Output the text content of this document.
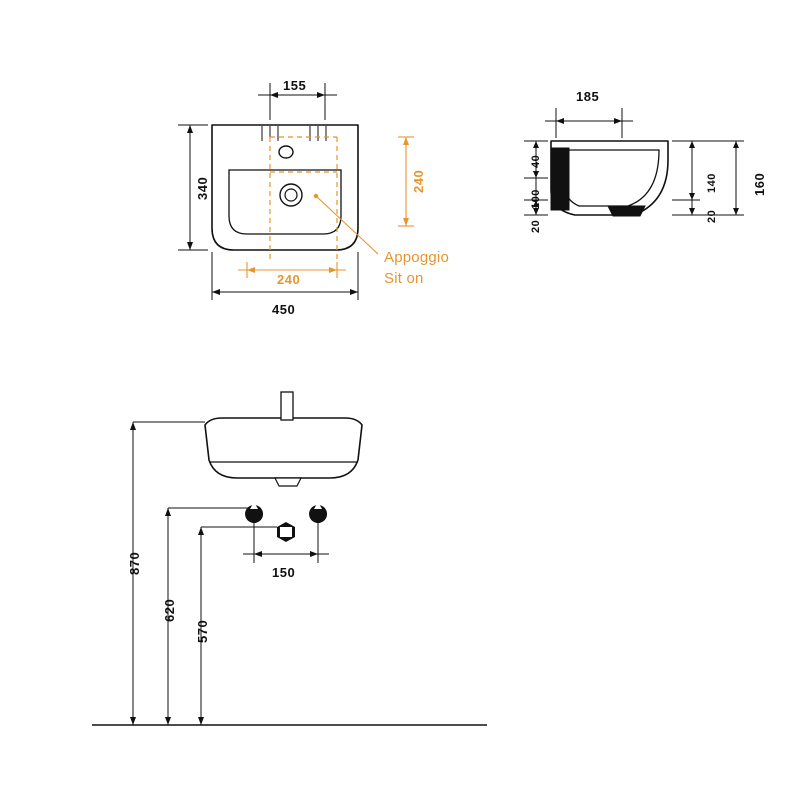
155
340	240
240
450
Appoggio
Sit on
185
40
100
20
140
20
160
870
620
570
150
